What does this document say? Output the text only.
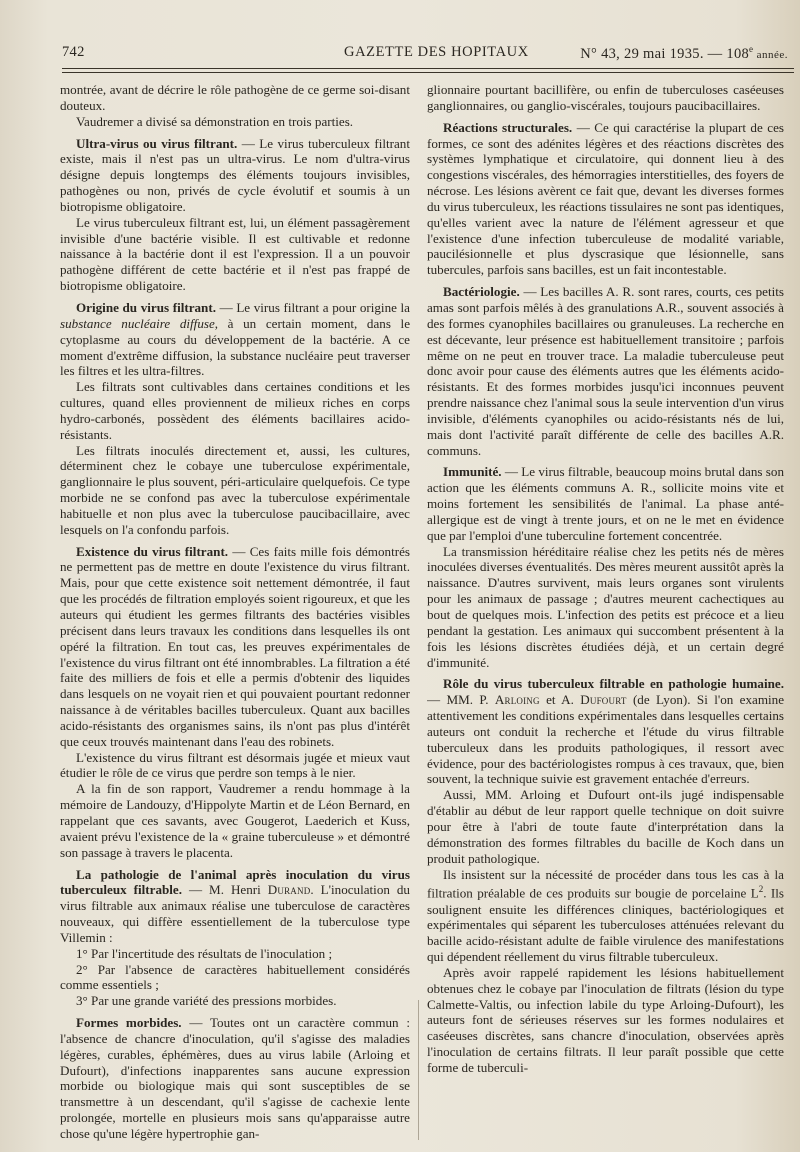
742	GAZETTE DES HOPITAUX	N° 43, 29 mai 1935. — 108e année.

montrée, avant de décrire le rôle pathogène de ce germe soi-disant douteux.

Vaudremer a divisé sa démonstration en trois parties.

Ultra-virus ou virus filtrant. — Le virus tuberculeux filtrant existe, mais il n'est pas un ultra-virus. Le nom d'ultra-virus désigne depuis longtemps des éléments toujours invisibles, pathogènes ou non, privés de cycle évolutif et soumis à un biotropisme obligatoire.

Le virus tuberculeux filtrant est, lui, un élément passagèrement invisible d'une bactérie visible. Il est cultivable et redonne naissance à la bactérie dont il est l'expression. Il a un pouvoir pathogène différent de cette bactérie et il n'est pas frappé de biotropisme obligatoire.

Origine du virus filtrant. — Le virus filtrant a pour origine la substance nucléaire diffuse, à un certain moment, dans le cytoplasme au cours du développement de la bactérie. A ce moment d'extrême diffusion, la substance nucléaire peut traverser les filtres et les ultra-filtres.

Les filtrats sont cultivables dans certaines conditions et les cultures, quand elles proviennent de milieux riches en corps hydro-carbonés, possèdent des éléments bacillaires acido-résistants.

Les filtrats inoculés directement et, aussi, les cultures, déterminent chez le cobaye une tuberculose expérimentale, ganglionnaire le plus souvent, péri-articulaire quelquefois. Ce type morbide ne se confond pas avec la tuberculose expérimentale habituelle et non plus avec la tuberculose paucibacillaire, avec lesquels on l'a confondu parfois.

Existence du virus filtrant. — Ces faits mille fois démontrés ne permettent pas de mettre en doute l'existence du virus filtrant. Mais, pour que cette existence soit nettement démontrée, il faut que les procédés de filtration employés soient rigoureux, et que les auteurs qui étudient les germes filtrants des bactéries visibles précisent dans leurs travaux les conditions dans lesquelles ils ont opéré la filtration. En tout cas, les preuves expérimentales de l'existence du virus filtrant ont été innombrables. La filtration a été faite des milliers de fois et elle a permis d'obtenir des liquides dans lesquels on ne voyait rien et qui pouvaient pourtant redonner naissance à de véritables bacilles tuberculeux. Quant aux bacilles acido-résistants des organismes sains, ils n'ont pas plus d'intérêt que ceux trouvés maintenant dans l'eau des robinets.

L'existence du virus filtrant est désormais jugée et mieux vaut étudier le rôle de ce virus que perdre son temps à le nier.

A la fin de son rapport, Vaudremer a rendu hommage à la mémoire de Landouzy, d'Hippolyte Martin et de Léon Bernard, en rappelant que ces savants, avec Gougerot, Laederich et Kuss, avaient prévu l'existence de la « graine tuberculeuse » et démontré son passage à travers le placenta.

La pathologie de l'animal après inoculation du virus tuberculeux filtrable. — M. Henri Durand. L'inoculation du virus filtrable aux animaux réalise une tuberculose de caractères nouveaux, qui diffère essentiellement de la tuberculose type Villemin :

1° Par l'incertitude des résultats de l'inoculation ;

2° Par l'absence de caractères habituellement considérés comme essentiels ;

3° Par une grande variété des pressions morbides.

Formes morbides. — Toutes ont un caractère commun : l'absence de chancre d'inoculation, qu'il s'agisse des maladies légères, curables, éphémères, dues au virus labile (Arloing et Dufourt), d'infections inapparentes sans aucune expression morbide ou biologique mais qui sont susceptibles de se transmettre à un descendant, qu'il s'agisse de cachexie lente prolongée, mortelle en plusieurs mois sans qu'apparaisse autre chose qu'une légère hypertrophie gan-

glionnaire pourtant bacillifère, ou enfin de tuberculoses caséeuses ganglionnaires, ou ganglio-viscérales, toujours paucibacillaires.

Réactions structurales. — Ce qui caractérise la plupart de ces formes, ce sont des adénites légères et des réactions discrètes des systèmes lymphatique et circulatoire, qui donnent lieu à des congestions viscérales, des hémorragies interstitielles, des foyers de nécrose. Les lésions avèrent ce fait que, devant les diverses formes du virus tuberculeux, les réactions tissulaires ne sont pas identiques, qu'elles varient avec la nature de l'élément agresseur et que l'existence d'une infection tuberculeuse de modalité variable, paucilésionnelle et plus dyscrasique que lésionnelle, sans tubercules, parfois sans bacilles, est un fait incontestable.

Bactériologie. — Les bacilles A. R. sont rares, courts, ces petits amas sont parfois mêlés à des granulations A.R., souvent associés à des formes cyanophiles bacillaires ou granuleuses. La recherche en est décevante, leur présence est habituellement transitoire ; parfois même on ne peut en trouver trace. La maladie tuberculeuse peut donc avoir pour cause des éléments autres que les éléments acido-résistants. Et des formes morbides jusqu'ici inconnues peuvent prendre naissance chez l'animal sous la seule intervention d'un virus invisible, d'éléments cyanophiles ou acido-résistants nés de lui, mais dont l'activité paraît différente de celle des bacilles A.R. communs.

Immunité. — Le virus filtrable, beaucoup moins brutal dans son action que les éléments communs A. R., sollicite moins vite et moins fortement les sensibilités de l'animal. La phase anté-allergique est de vingt à trente jours, et on ne le met en évidence que par l'emploi d'une tuberculine fortement concentrée.

La transmission héréditaire réalise chez les petits nés de mères inoculées diverses éventualités. Des mères meurent aussitôt après la naissance. D'autres survivent, mais leurs organes sont virulents pour les animaux de passage ; d'autres meurent cachectiques au bout de quelques mois. L'infection des petits est précoce et a lieu pendant la gestation. Les animaux qui succombent présentent à la fois les lésions discrètes étudiées déjà, et un certain degré d'immunité.

Rôle du virus tuberculeux filtrable en pathologie humaine. — MM. P. Arloing et A. Dufourt (de Lyon). Si l'on examine attentivement les conditions expérimentales dans lesquelles certains auteurs ont conduit la recherche et l'étude du virus filtrable tuberculeux dans les produits pathologiques, il ressort avec évidence, pour des bactériologistes rompus à ces travaux, que, bien souvent, la technique suivie est gravement entachée d'erreurs.

Aussi, MM. Arloing et Dufourt ont-ils jugé indispensable d'établir au début de leur rapport quelle technique on doit suivre pour être à l'abri de toute faute d'interprétation dans la démonstration des formes filtrables du bacille de Koch dans un produit pathologique.

Ils insistent sur la nécessité de procéder dans tous les cas à la filtration préalable de ces produits sur bougie de porcelaine $L^2$. Ils soulignent ensuite les différences cliniques, bactériologiques et expérimentales qui séparent les tuberculoses atténuées relevant du bacille acido-résistant adulte de faible virulence des manifestations qui dépendent réellement du virus filtrable tuberculeux.

Après avoir rappelé rapidement les lésions habituellement obtenues chez le cobaye par l'inoculation de filtrats (lésion du type Calmette-Valtis, ou infection labile du type Arloing-Dufourt), les auteurs font de sérieuses réserves sur les formes nodulaires et caséeuses discrètes, sans chancre d'inoculation, observées après l'inoculation de certains filtrats. Il leur paraît possible que cette forme de tuberculi-
